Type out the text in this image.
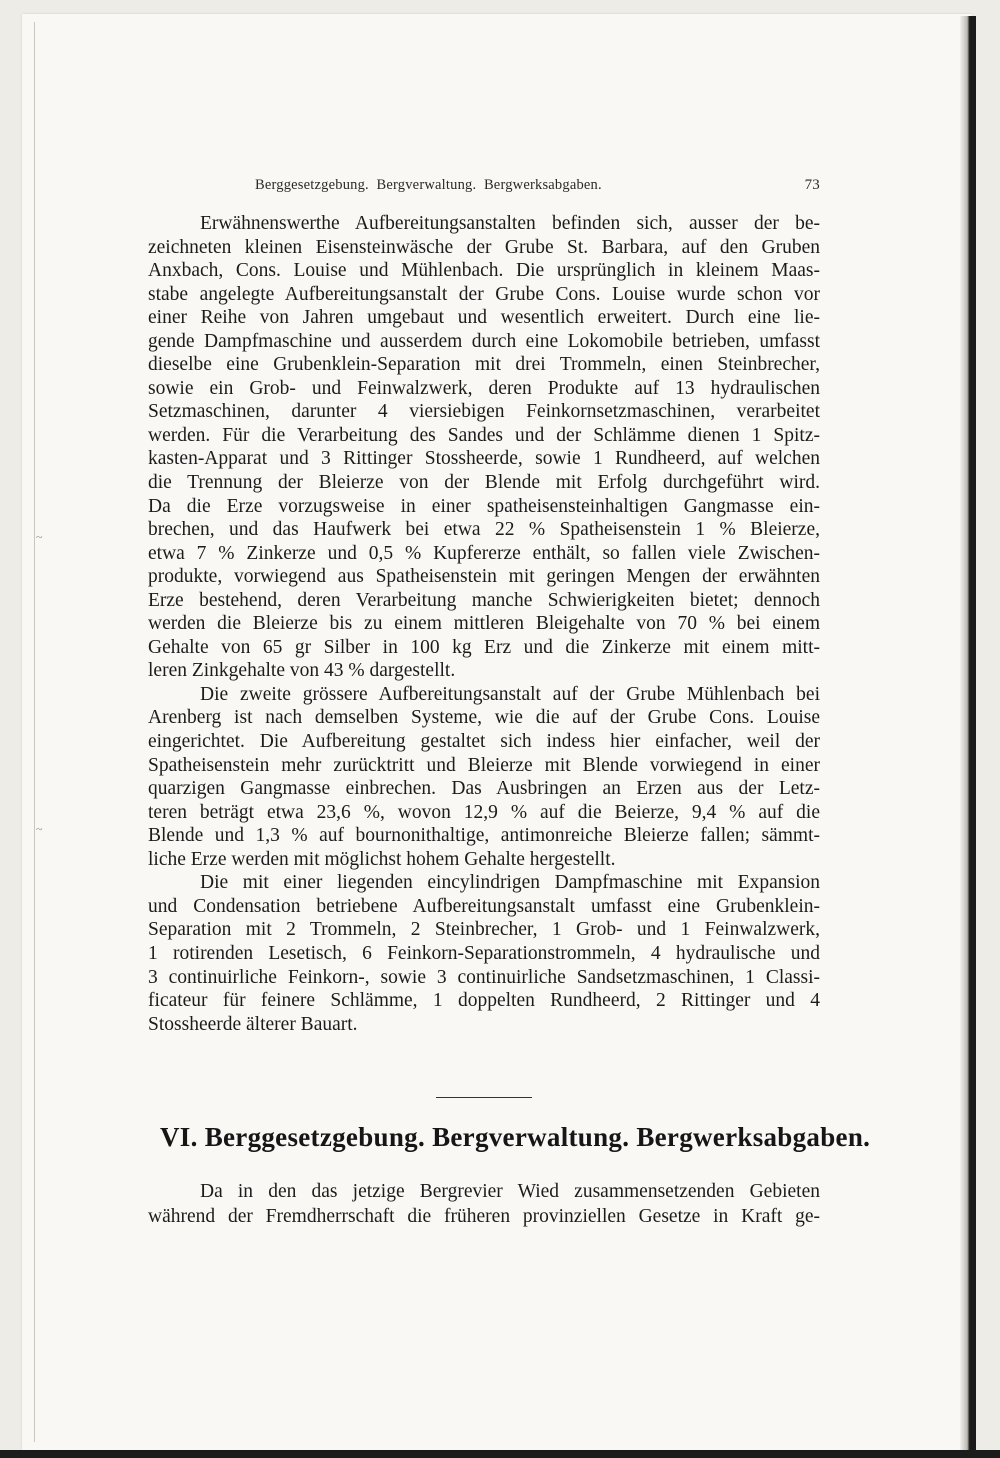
~
~
Berggesetzgebung.  Bergverwaltung.  Bergwerksabgaben.	73
Erwähnenswerthe Aufbereitungsanstalten befinden sich, ausser der be-
zeichneten kleinen Eisensteinwäsche der Grube St. Barbara, auf den Gruben
Anxbach, Cons. Louise und Mühlenbach. Die ursprünglich in kleinem Maas-
stabe angelegte Aufbereitungsanstalt der Grube Cons. Louise wurde schon vor
einer Reihe von Jahren umgebaut und wesentlich erweitert. Durch eine lie-
gende Dampfmaschine und ausserdem durch eine Lokomobile betrieben, umfasst
dieselbe eine Grubenklein-Separation mit drei Trommeln, einen Steinbrecher,
sowie ein Grob- und Feinwalzwerk, deren Produkte auf 13 hydraulischen
Setzmaschinen, darunter 4 viersiebigen Feinkornsetzmaschinen, verarbeitet
werden. Für die Verarbeitung des Sandes und der Schlämme dienen 1 Spitz-
kasten-Apparat und 3 Rittinger Stossheerde, sowie 1 Rundheerd, auf welchen
die Trennung der Bleierze von der Blende mit Erfolg durchgeführt wird.
Da die Erze vorzugsweise in einer spatheisensteinhaltigen Gangmasse ein-
brechen, und das Haufwerk bei etwa 22 % Spatheisenstein 1 % Bleierze,
etwa 7 % Zinkerze und 0,5 % Kupfererze enthält, so fallen viele Zwischen-
produkte, vorwiegend aus Spatheisenstein mit geringen Mengen der erwähnten
Erze bestehend, deren Verarbeitung manche Schwierigkeiten bietet; dennoch
werden die Bleierze bis zu einem mittleren Bleigehalte von 70 % bei einem
Gehalte von 65 gr Silber in 100 kg Erz und die Zinkerze mit einem mitt-
leren Zinkgehalte von 43 % dargestellt.
Die zweite grössere Aufbereitungsanstalt auf der Grube Mühlenbach bei
Arenberg ist nach demselben Systeme, wie die auf der Grube Cons. Louise
eingerichtet. Die Aufbereitung gestaltet sich indess hier einfacher, weil der
Spatheisenstein mehr zurücktritt und Bleierze mit Blende vorwiegend in einer
quarzigen Gangmasse einbrechen. Das Ausbringen an Erzen aus der Letz-
teren beträgt etwa 23,6 %, wovon 12,9 % auf die Beierze, 9,4 % auf die
Blende und 1,3 % auf bournonithaltige, antimonreiche Bleierze fallen; sämmt-
liche Erze werden mit möglichst hohem Gehalte hergestellt.
Die mit einer liegenden eincylindrigen Dampfmaschine mit Expansion
und Condensation betriebene Aufbereitungsanstalt umfasst eine Grubenklein-
Separation mit 2 Trommeln, 2 Steinbrecher, 1 Grob- und 1 Feinwalzwerk,
1 rotirenden Lesetisch, 6 Feinkorn-Separationstrommeln, 4 hydraulische und
3 continuirliche Feinkorn-, sowie 3 continuirliche Sandsetzmaschinen, 1 Classi-
ficateur für feinere Schlämme, 1 doppelten Rundheerd, 2 Rittinger und 4
Stossheerde älterer Bauart.
VI. Berggesetzgebung. Bergverwaltung. Bergwerksabgaben.
Da in den das jetzige Bergrevier Wied zusammensetzenden Gebieten
während der Fremdherrschaft die früheren provinziellen Gesetze in Kraft ge-
